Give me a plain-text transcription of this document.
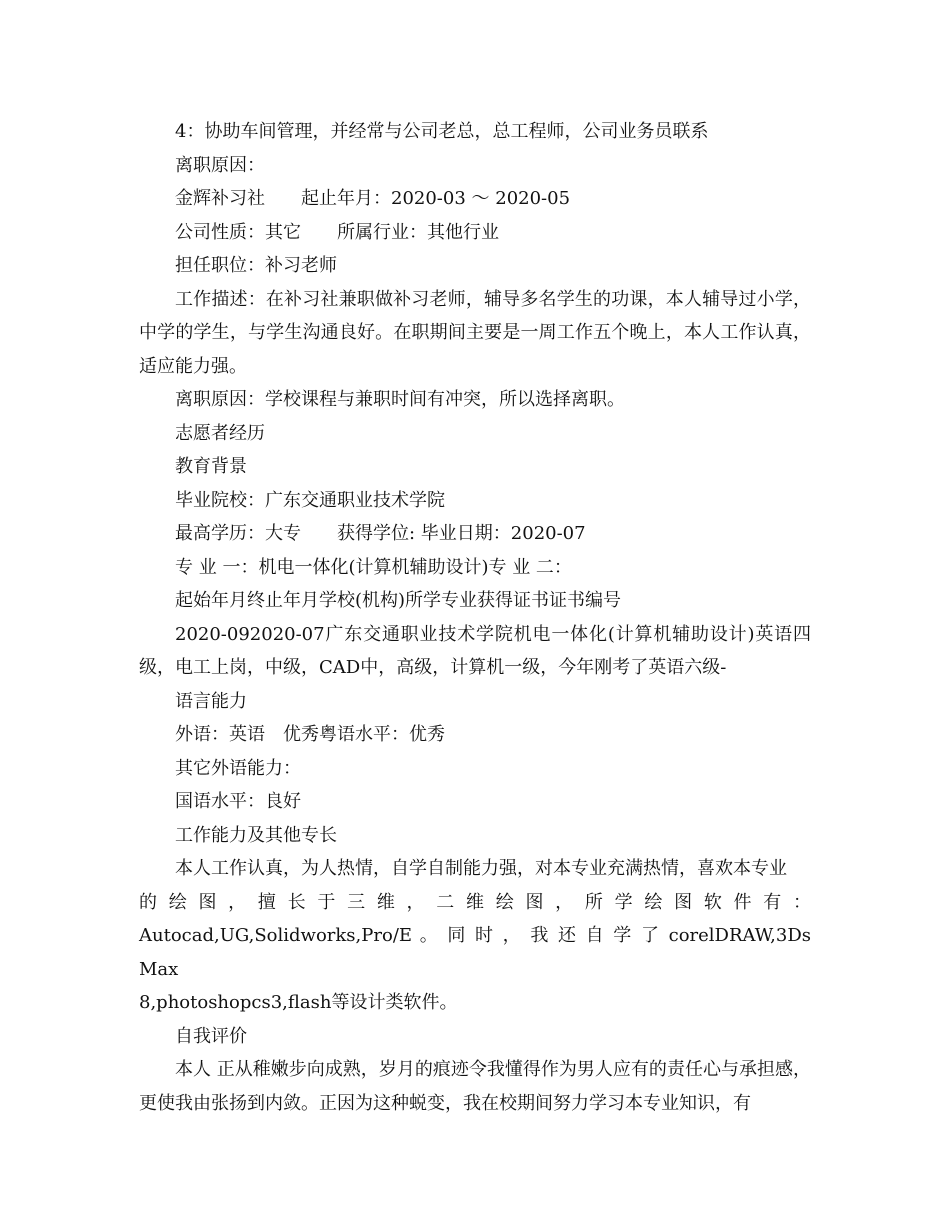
4：协助车间管理，并经常与公司老总，总工程师，公司业务员联系
离职原因：
金辉补习社　　起止年月：2020-03 ～ 2020-05
公司性质：其它　　所属行业：其他行业
担任职位：补习老师

工作描述：在补习社兼职做补习老师，辅导多名学生的功课，本人辅导过小学，中学的学生，与学生沟通良好。在职期间主要是一周工作五个晚上，本人工作认真，适应能力强。

离职原因：学校课程与兼职时间有冲突，所以选择离职。
志愿者经历
教育背景
毕业院校：广东交通职业技术学院
最高学历：大专　　获得学位: 毕业日期：2020-07
专 业 一：机电一体化(计算机辅助设计)专 业 二：
起始年月终止年月学校(机构)所学专业获得证书证书编号

2020-092020-07广东交通职业技术学院机电一体化(计算机辅助设计)英语四级，电工上岗，中级，CAD中，高级，计算机一级，今年刚考了英语六级-

语言能力
外语：英语　优秀粤语水平：优秀
其它外语能力：
国语水平：良好
工作能力及其他专长
本人工作认真，为人热情，自学自制能力强，对本专业充满热情，喜欢本专业
的 绘 图 ， 擅 长 于 三 维 ， 二 维 绘 图 ， 所 学 绘 图 软 件 有 ：
Autocad,UG,Solidworks,Pro/E 。 同 时 ， 我 还 自 学 了 corelDRAW,3Ds Max
8,photoshopcs3,flash等设计类软件。
自我评价

本人 正从稚嫩步向成熟，岁月的痕迹令我懂得作为男人应有的责任心与承担感，更使我由张扬到内敛。正因为这种蜕变，我在校期间努力学习本专业知识，有
